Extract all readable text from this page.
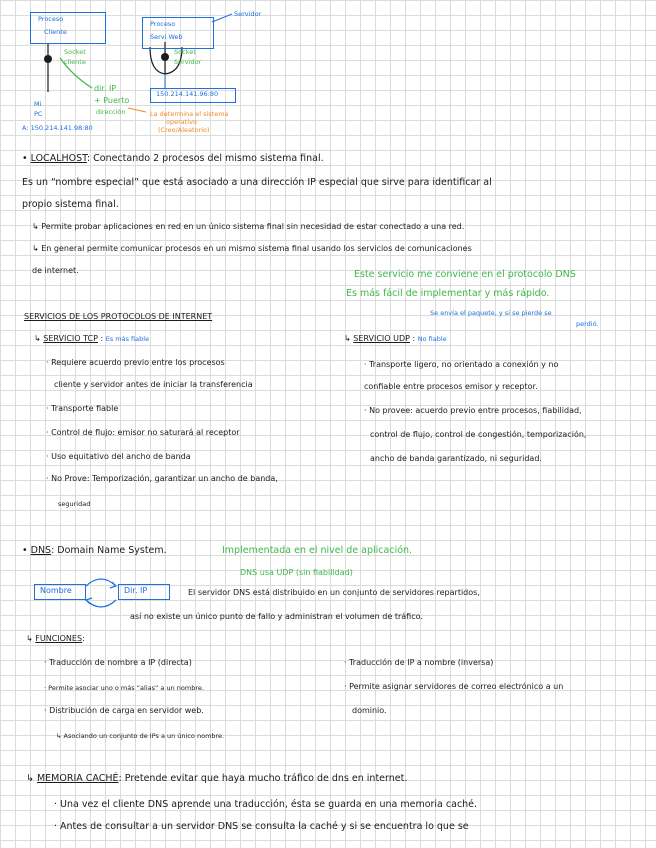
Proceso
Cliente
Socket
cliente
Proceso
Servi Web
Servidor
Socket
Servidor
dir. IP
+ Puerto
dirección
150.214.141.96:80
La determina el sistema
operativo
(Creo/Aleatorio)
Mi
PC
A: 150.214.141.98:80
• LOCALHOST: Conectando 2 procesos del mismo sistema final.
Es un “nombre especial” que está asociado a una dirección IP especial que sirve para identificar al
propio sistema final.
↳ Permite probar aplicaciones en red en un único sistema final sin necesidad de estar conectado a una red.
↳ En general permite comunicar procesos en un mismo sistema final usando los servicios de comunicaciones
de internet.	Este servicio me conviene en el protocolo DNS
Es más fácil de implementar y más rápido.
SERVICIOS DE LOS PROTOCOLOS DE INTERNET
↳ SERVICIO TCP : Es más fiable
· Requiere acuerdo previo entre los procesos
cliente y servidor antes de iniciar la transferencia
· Transporte fiable
· Control de flujo: emisor no saturará al receptor
· Uso equitativo del ancho de banda
· No Prove: Temporización, garantizar un ancho de banda,
seguridad
Se envía el paquete, y si se pierde se
perdió.
↳ SERVICIO UDP : No fiable
· Transporte ligero, no orientado a conexión y no
confiable entre procesos emisor y receptor.
· No provee: acuerdo previo entre procesos, fiabilidad,
control de flujo, control de congestión, temporización,
ancho de banda garantizado, ni seguridad.
• DNS: Domain Name System.	Implementada en el nivel de aplicación.
DNS usa UDP (sin fiabilidad)
Nombre	Dir. IP	El servidor DNS está distribuido en un conjunto de servidores repartidos,
así no existe un único punto de fallo y administran el volumen de tráfico.
↳ FUNCIONES:
· Traducción de nombre a IP (directa)
· Permite asociar uno o más “alias” a un nombre.
· Distribución de carga en servidor web.
↳ Asociando un conjunto de IPs a un único nombre.
· Traducción de IP a nombre (inversa)
· Permite asignar servidores de correo electrónico a un
dominio.
↳ MEMORIA CACHÉ: Pretende evitar que haya mucho tráfico de dns en internet.
· Una vez el cliente DNS aprende una traducción, ésta se guarda en una memoria caché.
· Antes de consultar a un servidor DNS se consulta la caché y si se encuentra lo que se
